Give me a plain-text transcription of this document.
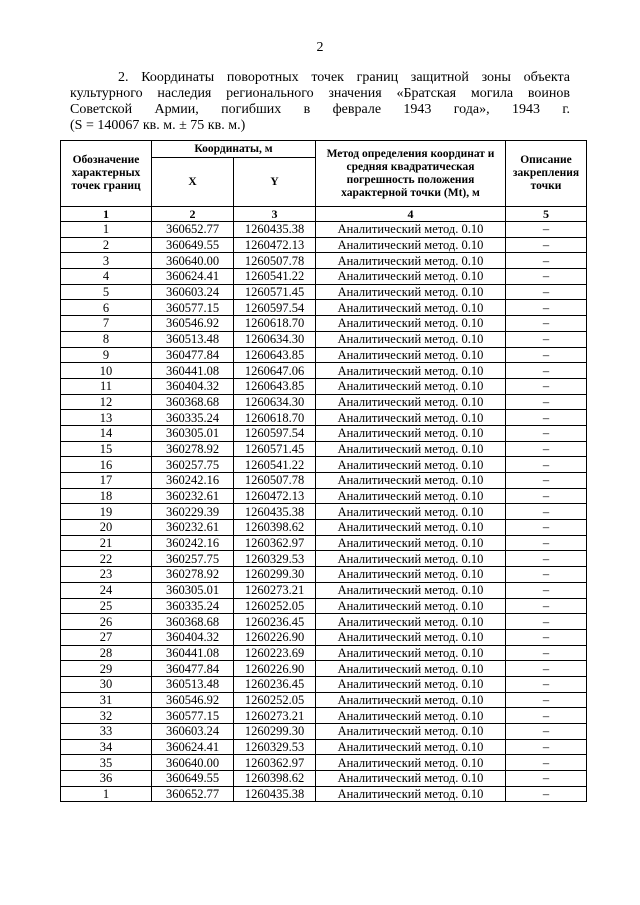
2

2. Координаты поворотных точек границ защитной зоны объекта

культурного наследия регионального значения «Братская могила воинов

Советской Армии, погибших в феврале 1943 года», 1943 г.

(S = 140067 кв. м. ± 75 кв. м.)

Обозначение характерных точек границ	Координаты, м		Метод определения координат и средняя квадратическая погрешность положения характерной точки (Mt), м	Описание закрепления точки
	X	Y		
1	2	3	4	5
1	360652.77	1260435.38	Аналитический метод. 0.10	–
2	360649.55	1260472.13	Аналитический метод. 0.10	–
3	360640.00	1260507.78	Аналитический метод. 0.10	–
4	360624.41	1260541.22	Аналитический метод. 0.10	–
5	360603.24	1260571.45	Аналитический метод. 0.10	–
6	360577.15	1260597.54	Аналитический метод. 0.10	–
7	360546.92	1260618.70	Аналитический метод. 0.10	–
8	360513.48	1260634.30	Аналитический метод. 0.10	–
9	360477.84	1260643.85	Аналитический метод. 0.10	–
10	360441.08	1260647.06	Аналитический метод. 0.10	–
11	360404.32	1260643.85	Аналитический метод. 0.10	–
12	360368.68	1260634.30	Аналитический метод. 0.10	–
13	360335.24	1260618.70	Аналитический метод. 0.10	–
14	360305.01	1260597.54	Аналитический метод. 0.10	–
15	360278.92	1260571.45	Аналитический метод. 0.10	–
16	360257.75	1260541.22	Аналитический метод. 0.10	–
17	360242.16	1260507.78	Аналитический метод. 0.10	–
18	360232.61	1260472.13	Аналитический метод. 0.10	–
19	360229.39	1260435.38	Аналитический метод. 0.10	–
20	360232.61	1260398.62	Аналитический метод. 0.10	–
21	360242.16	1260362.97	Аналитический метод. 0.10	–
22	360257.75	1260329.53	Аналитический метод. 0.10	–
23	360278.92	1260299.30	Аналитический метод. 0.10	–
24	360305.01	1260273.21	Аналитический метод. 0.10	–
25	360335.24	1260252.05	Аналитический метод. 0.10	–
26	360368.68	1260236.45	Аналитический метод. 0.10	–
27	360404.32	1260226.90	Аналитический метод. 0.10	–
28	360441.08	1260223.69	Аналитический метод. 0.10	–
29	360477.84	1260226.90	Аналитический метод. 0.10	–
30	360513.48	1260236.45	Аналитический метод. 0.10	–
31	360546.92	1260252.05	Аналитический метод. 0.10	–
32	360577.15	1260273.21	Аналитический метод. 0.10	–
33	360603.24	1260299.30	Аналитический метод. 0.10	–
34	360624.41	1260329.53	Аналитический метод. 0.10	–
35	360640.00	1260362.97	Аналитический метод. 0.10	–
36	360649.55	1260398.62	Аналитический метод. 0.10	–
1	360652.77	1260435.38	Аналитический метод. 0.10	–
